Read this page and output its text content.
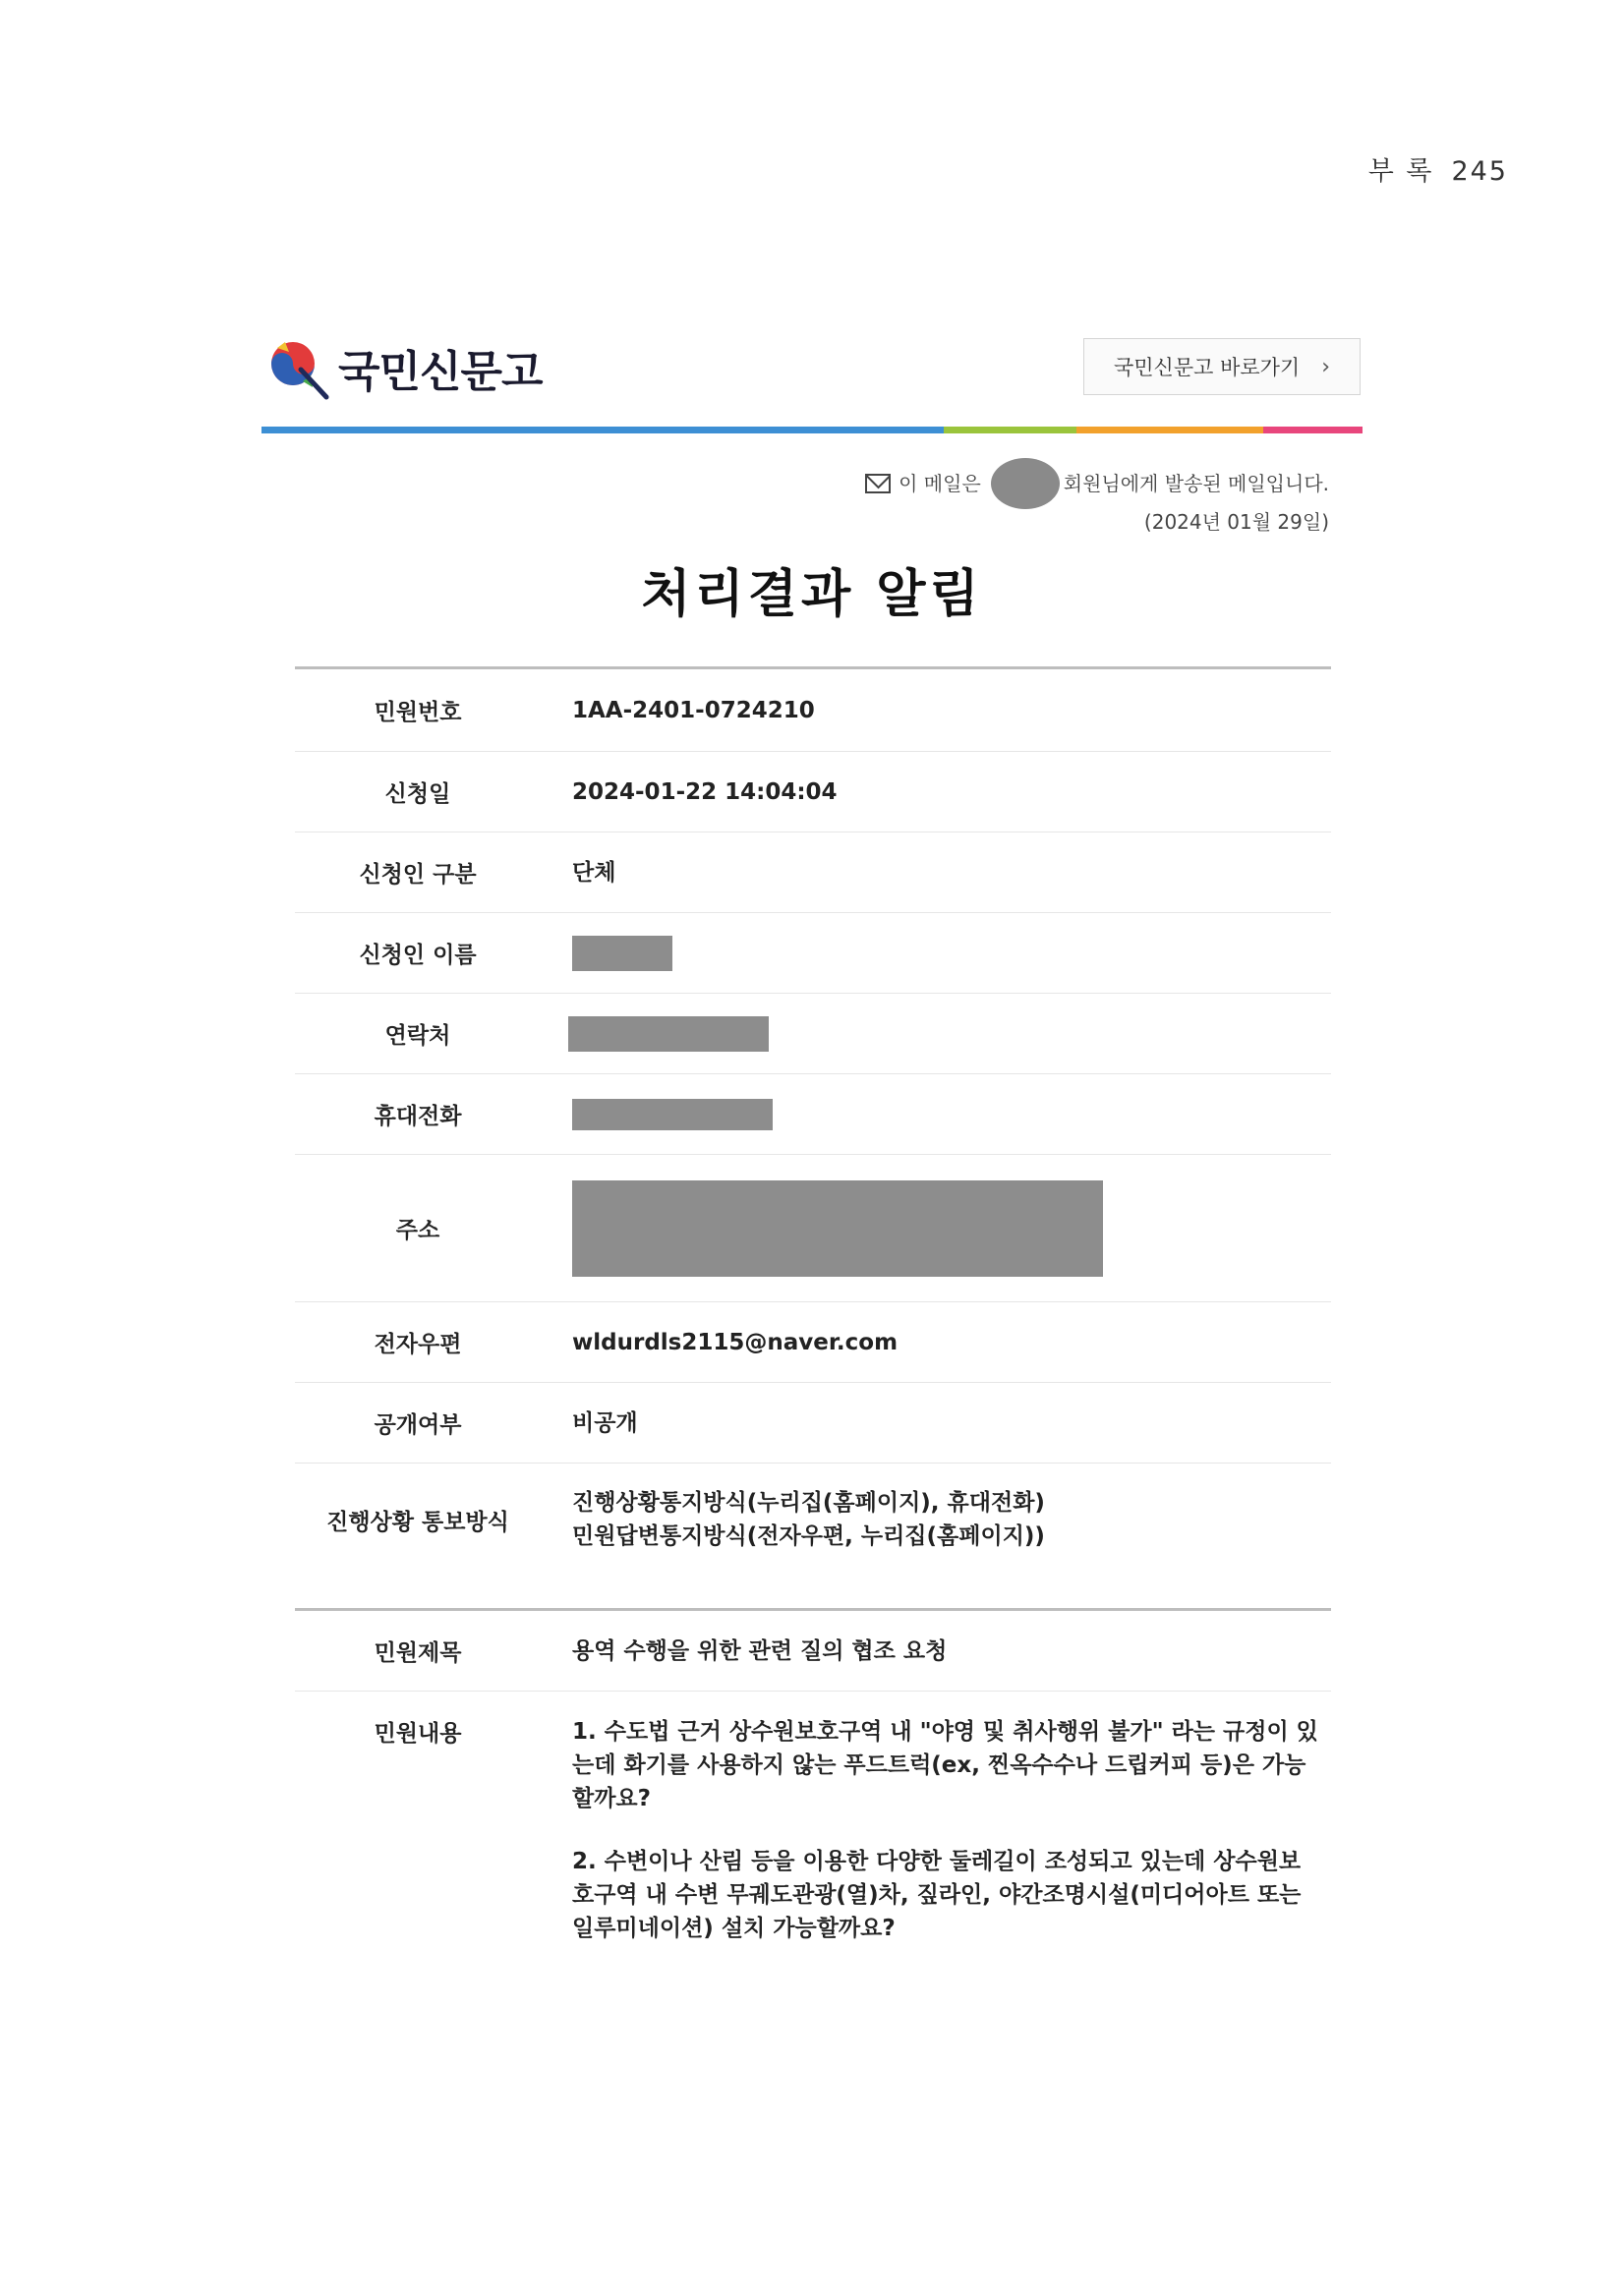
부 록 245
국민신문고	국민신문고 바로가기 ›
이 메일은	회원님에게 발송된 메일입니다.
(2024년 01월 29일)
처리결과 알림
민원번호	1AA-2401-0724210
신청일	2024-01-22 14:04:04
신청인 구분	단체
신청인 이름
연락처
휴대전화
주소
전자우편	wldurdls2115@naver.com
공개여부	비공개
진행상황 통보방식
진행상황통지방식(누리집(홈페이지), 휴대전화)
민원답변통지방식(전자우편, 누리집(홈페이지))
민원제목	용역 수행을 위한 관련 질의 협조 요청
민원내용	1. 수도법 근거 상수원보호구역 내 "야영 및 취사행위 불가" 라는 규정이 있는데 화기를 사용하지 않는 푸드트럭(ex, 찐옥수수나 드립커피 등)은 가능할까요?

2. 수변이나 산림 등을 이용한 다양한 둘레길이 조성되고 있는데 상수원보호구역 내 수변 무궤도관광(열)차, 짚라인, 야간조명시설(미디어아트 또는 일루미네이션) 설치 가능할까요?
